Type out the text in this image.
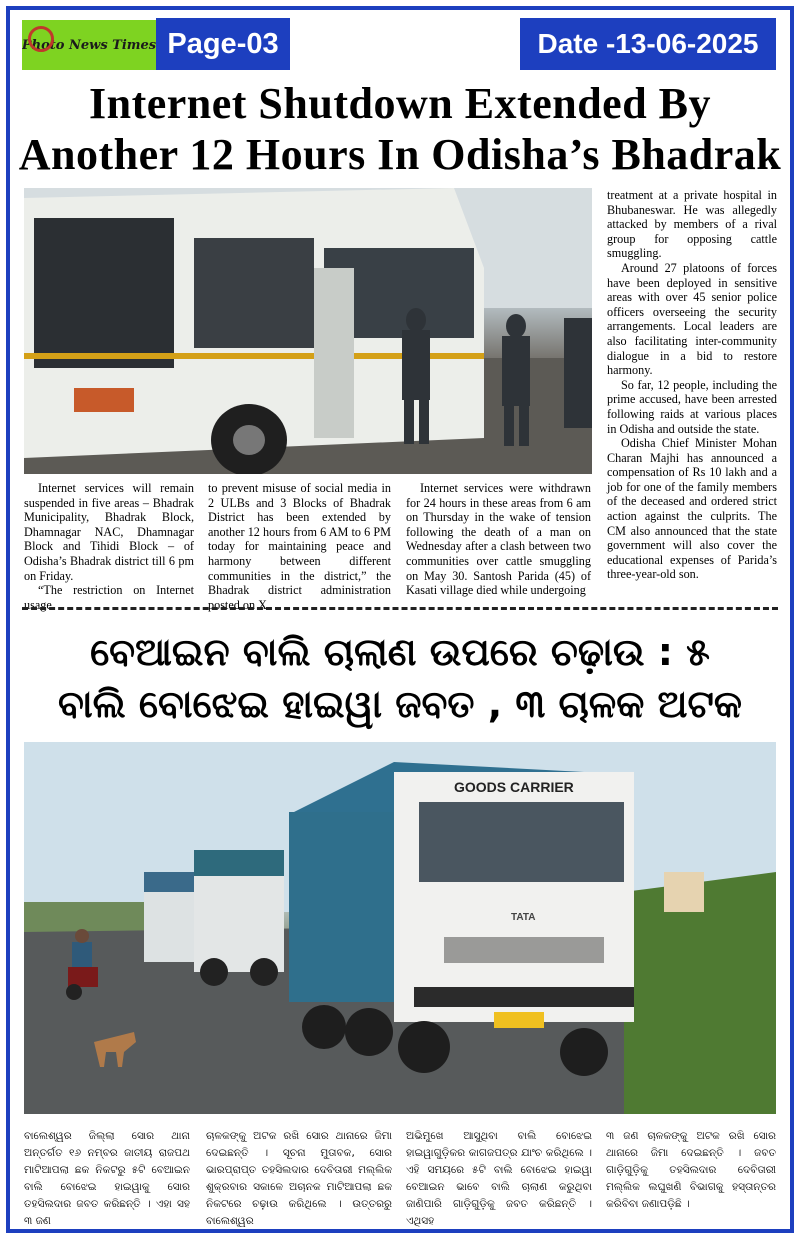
Photo News Times Page-03	Date -13-06-2025
Internet Shutdown Extended By Another 12 Hours In Odisha’s Bhadrak

Internet services will remain suspended in five areas – Bhadrak Municipality, Bhadrak Block, Dhamnagar NAC, Dhamnagar Block and Tihidi Block – of Odisha’s Bhadrak district till 6 pm on Friday.

“The restriction on Internet usage

to prevent misuse of social media in 2 ULBs and 3 Blocks of Bhadrak District has been extended by another 12 hours from 6 AM to 6 PM today for maintaining peace and harmony between different communities in the district,” the Bhadrak district administration posted on X.

Internet services were withdrawn for 24 hours in these areas from 6 am on Thursday in the wake of tension following the death of a man on Wednesday after a clash between two communities over cattle smuggling on May 30. Santosh Parida (45) of Kasati village died while undergoing

treatment at a private hospital in Bhubaneswar. He was allegedly attacked by members of a rival group for opposing cattle smuggling.

Around 27 platoons of forces have been deployed in sensitive areas with over 45 senior police officers overseeing the security arrangements. Local leaders are also facilitating inter-community dialogue in a bid to restore harmony.

So far, 12 people, including the prime accused, have been arrested following raids at various places in Odisha and outside the state.

Odisha Chief Minister Mohan Charan Majhi has announced a compensation of Rs 10 lakh and a job for one of the family members of the deceased and ordered strict action against the culprits. The CM also announced that the state government will also cover the educational expenses of Parida’s three-year-old son.

ବେଆଇନ ବାଲି ଚାଲାଣ ଉପରେ ଚଢ଼ାଉ : ୫
ବାଲି ବୋଝେଇ ହାଇୱା ଜବତ , ୩ ଚାଳକ ଅଟକ
GOODS CARRIER
TATA
ବାଲେଶ୍ୱର ଜିଲ୍ଲା ସୋର ଥାନା ଅନ୍ତର୍ଗତ ୧୬ ନମ୍ବର ଜାତୀୟ ରାଜପଥ ମାଟିଆପଲା ଛକ ନିକଟରୁ ୫ଟି ବେଆଇନ ବାଲି ବୋଝେଇ ହାଇୱାକୁ ସୋର ତହସିଲଦାର ଜବତ କରିଛନ୍ତି । ଏହା ସହ ୩ ଜଣ
ଚାଳକଙ୍କୁ ଅଟକ ରଖି ସୋର ଥାନାରେ ଜିମା ଦେଇଛନ୍ତି । ସୂଚନା ମୁତାବକ, ସୋର ଭାରପ୍ରାପ୍ତ ତହସିଲଦାର ଦେବିତାରୀ ମଲ୍ଲିକ ଶୁକ୍ରବାର ସକାଳେ ଅଚାନକ ମାଟିଆପଲା ଛକ ନିକଟରେ ଚଢ଼ାଉ କରିଥିଲେ । ଉତ୍ତରରୁ ବାଲେଶ୍ୱର
ଅଭିମୁଖେ ଆସୁଥିବା ବାଲି ବୋଝେଇ ହାଇୱାଗୁଡ଼ିକର କାଗଜପତ୍ର ଯାଂଚ କରିଥିଲେ । ଏହି ସମୟରେ ୫ଟି ବାଲି ବୋଝେଇ ହାଇୱା ବେଆଇନ ଭାବେ ବାଲି ଚାଲାଣ କରୁଥିବା ଜାଣିପାରି ଗାଡ଼ିଗୁଡ଼ିକୁ ଜବତ କରିଛନ୍ତି । ଏଥିସହ
୩ ଜଣ ଚାଳକଙ୍କୁ ଅଟକ ରଖି ସୋର ଥାନାରେ ଜିମା ଦେଇଛନ୍ତି । ଜବତ ଗାଡ଼ିଗୁଡ଼ିକୁ ତହସିଲଦାର ଦେବିତାରୀ ମଲ୍ଲିକ ଲଘୁଖଣି ବିଭାଗକୁ ହସ୍ତାନ୍ତର କରିବିବା ଜଣାପଡ଼ିଛି ।
